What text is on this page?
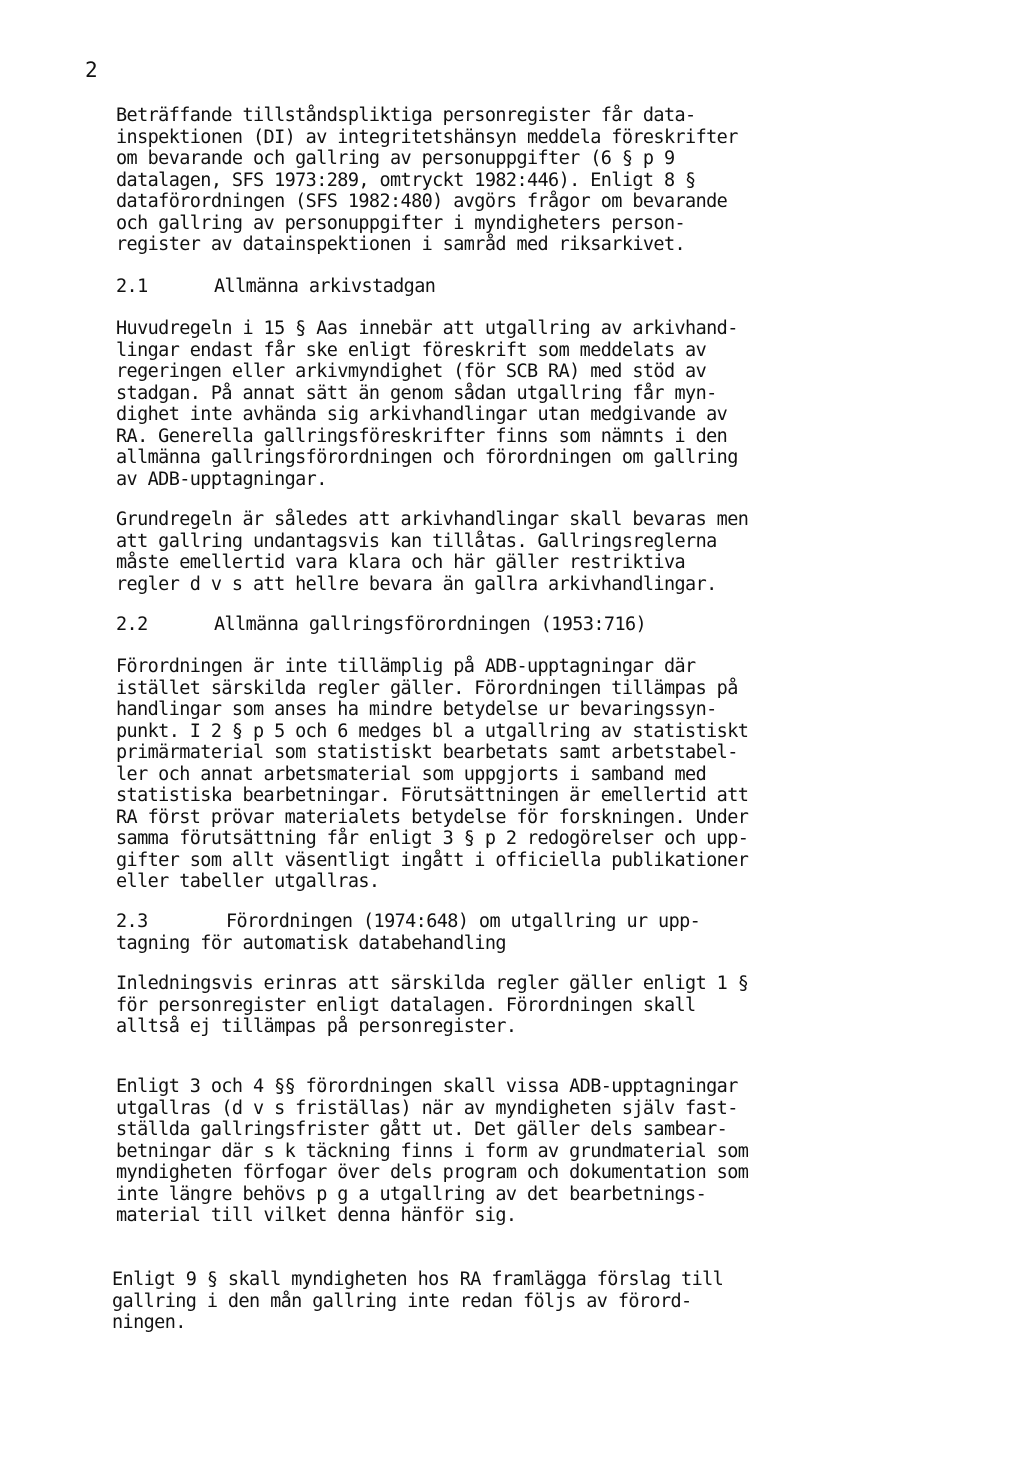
2
Beträffande tillståndspliktiga personregister får data-
inspektionen (DI) av integritetshänsyn meddela föreskrifter
om bevarande och gallring av personuppgifter (6 § p 9
datalagen, SFS 1973:289, omtryckt 1982:446). Enligt 8 §
dataförordningen (SFS 1982:480) avgörs frågor om bevarande
och gallring av personuppgifter i myndigheters person-
register av datainspektionen i samråd med riksarkivet.
2.1	Allmänna arkivstadgan
Huvudregeln i 15 § Aas innebär att utgallring av arkivhand-
lingar endast får ske enligt föreskrift som meddelats av
regeringen eller arkivmyndighet (för SCB RA) med stöd av
stadgan. På annat sätt än genom sådan utgallring får myn-
dighet inte avhända sig arkivhandlingar utan medgivande av
RA. Generella gallringsföreskrifter finns som nämnts i den
allmänna gallringsförordningen och förordningen om gallring
av ADB-upptagningar.
Grundregeln är således att arkivhandlingar skall bevaras men
att gallring undantagsvis kan tillåtas. Gallringsreglerna
måste emellertid vara klara och här gäller restriktiva
regler d v s att hellre bevara än gallra arkivhandlingar.
2.2	Allmänna gallringsförordningen (1953:716)
Förordningen är inte tillämplig på ADB-upptagningar där
istället särskilda regler gäller. Förordningen tillämpas på
handlingar som anses ha mindre betydelse ur bevaringssyn-
punkt. I 2 § p 5 och 6 medges bl a utgallring av statistiskt
primärmaterial som statistiskt bearbetats samt arbetstabel-
ler och annat arbetsmaterial som uppgjorts i samband med
statistiska bearbetningar. Förutsättningen är emellertid att
RA först prövar materialets betydelse för forskningen. Under
samma förutsättning får enligt 3 § p 2 redogörelser och upp-
gifter som allt väsentligt ingått i officiella publikationer
eller tabeller utgallras.
2.3	Förordningen (1974:648) om utgallring ur upp-
tagning för automatisk databehandling
Inledningsvis erinras att särskilda regler gäller enligt 1 §
för personregister enligt datalagen. Förordningen skall
alltså ej tillämpas på personregister.
Enligt 3 och 4 §§ förordningen skall vissa ADB-upptagningar
utgallras (d v s friställas) när av myndigheten själv fast-
ställda gallringsfrister gått ut. Det gäller dels sambear-
betningar där s k täckning finns i form av grundmaterial som
myndigheten förfogar över dels program och dokumentation som
inte längre behövs p g a utgallring av det bearbetnings-
material till vilket denna hänför sig.
Enligt 9 § skall myndigheten hos RA framlägga förslag till
gallring i den mån gallring inte redan följs av förord-
ningen.
